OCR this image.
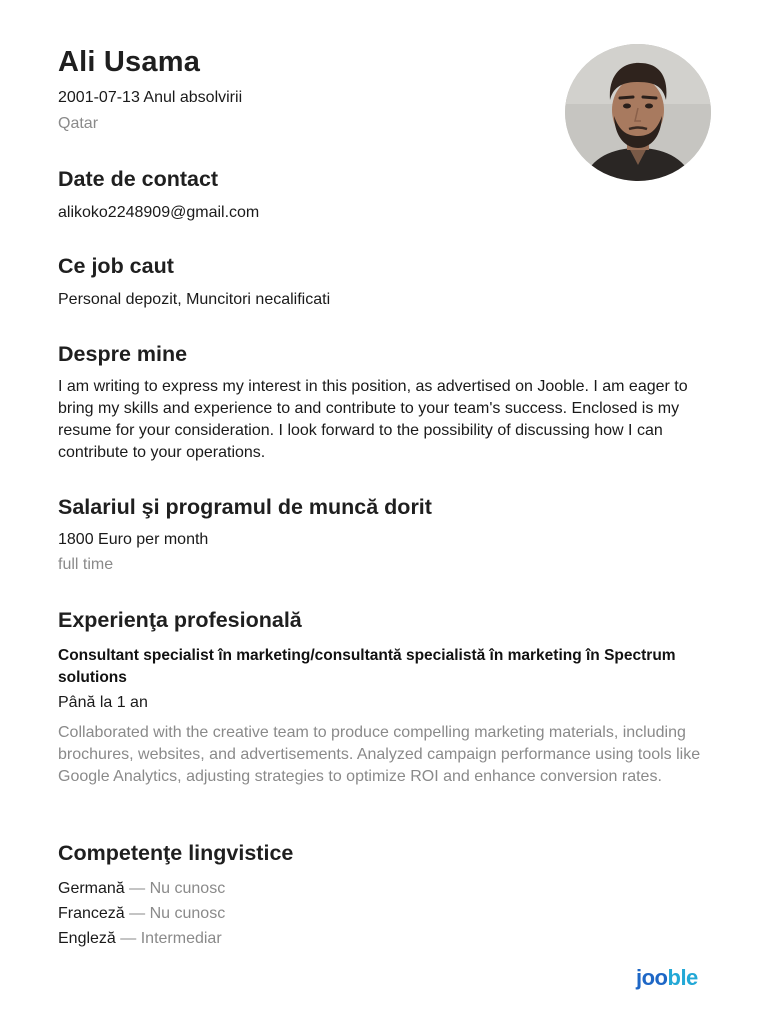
Ali Usama
2001-07-13 Anul absolvirii
Qatar
Date de contact
alikoko2248909@gmail.com
Ce job caut
Personal depozit, Muncitori necalificati
Despre mine
I am writing to express my interest in this position, as advertised on Jooble. I am eager to bring my skills and experience to and contribute to your team's success. Enclosed is my resume for your consideration. I look forward to the possibility of discussing how I can contribute to your operations.
Salariul şi programul de muncă dorit
1800 Euro per month
full time
Experienţa profesională
Consultant specialist în marketing/consultantă specialistă în marketing în Spectrum solutions
Până la 1 an
Collaborated with the creative team to produce compelling marketing materials, including brochures, websites, and advertisements. Analyzed campaign performance using tools like Google Analytics, adjusting strategies to optimize ROI and enhance conversion rates.
Competenţe lingvistice
Germană — Nu cunosc
Franceză — Nu cunosc
Engleză — Intermediar
jooble
